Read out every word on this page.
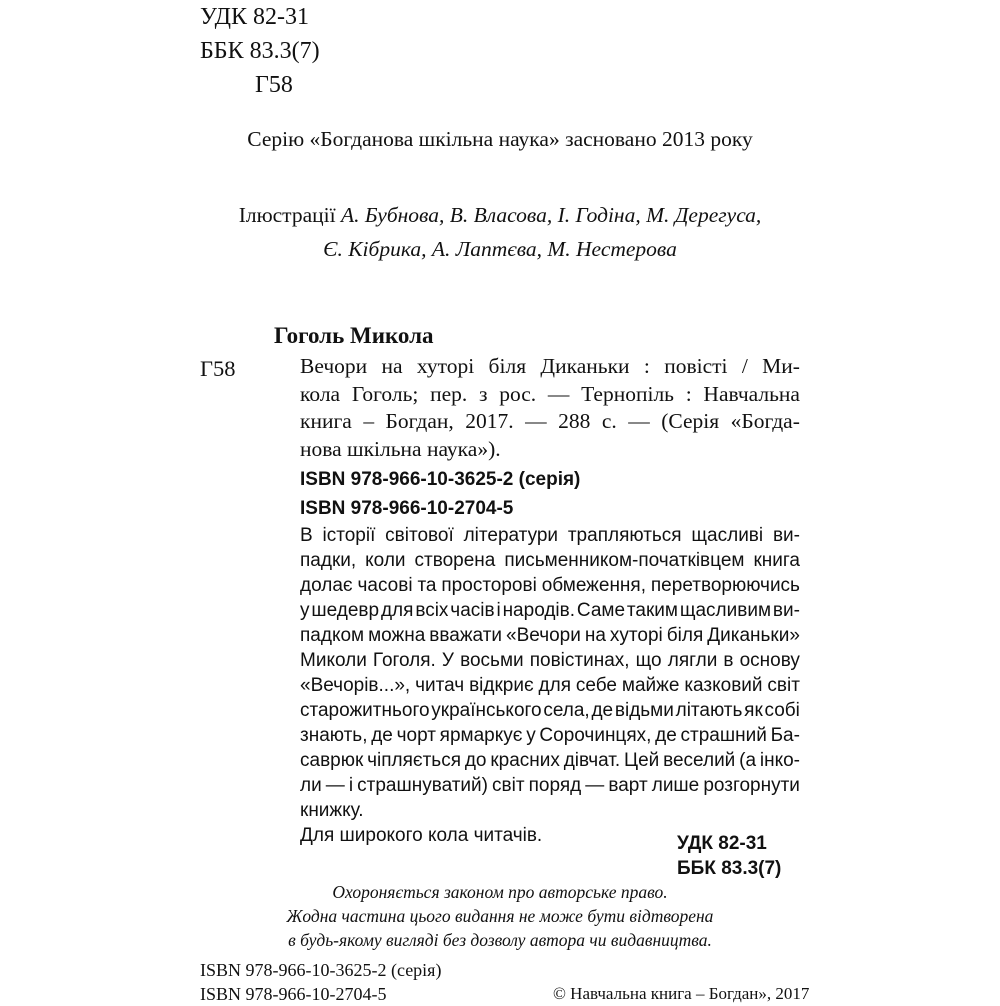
УДК 82-31
ББК 83.3(7)
Г58
Серію «Богданова шкільна наука» засновано 2013 року
Ілюстрації А. Бубнова, В. Власова, І. Годіна, М. Дерегуса,
Є. Кібрика, А. Лаптєва, М. Нестерова
Гоголь Микола
Г58	Вечори на хуторі біля Диканьки : повісті / Ми-
кола Гоголь; пер. з рос. — Тернопіль : Навчальна
книга – Богдан, 2017. — 288 с. — (Серія «Богда-
нова шкільна наука»).
ISBN 978-966-10-3625-2 (серія)
ISBN 978-966-10-2704-5
В історії світової літератури трапляються щасливі ви-
падки, коли створена письменником-початківцем книга
долає часові та просторові обмеження, перетворюючись
у шедевр для всіх часів і народів. Саме таким щасливим ви-
падком можна вважати «Вечори на хуторі біля Диканьки»
Миколи Гоголя. У восьми повістинах, що лягли в основу
«Вечорів...», читач відкриє для себе майже казковий світ
старожитнього українського села, де відьми літають як собі
знають, де чорт ярмаркує у Сорочинцях, де страшний Ба-
саврюк чіпляється до красних дівчат. Цей веселий (а інко-
ли — і страшнуватий) світ поряд — варт лише розгорнути
книжку.
Для широкого кола читачів.	УДК 82-31
ББК 83.3(7)
Охороняється законом про авторське право.
Жодна частина цього видання не може бути відтворена
в будь-якому вигляді без дозволу автора чи видавництва.
ISBN 978-966-10-3625-2 (серія)
ISBN 978-966-10-2704-5	© Навчальна книга – Богдан», 2017
